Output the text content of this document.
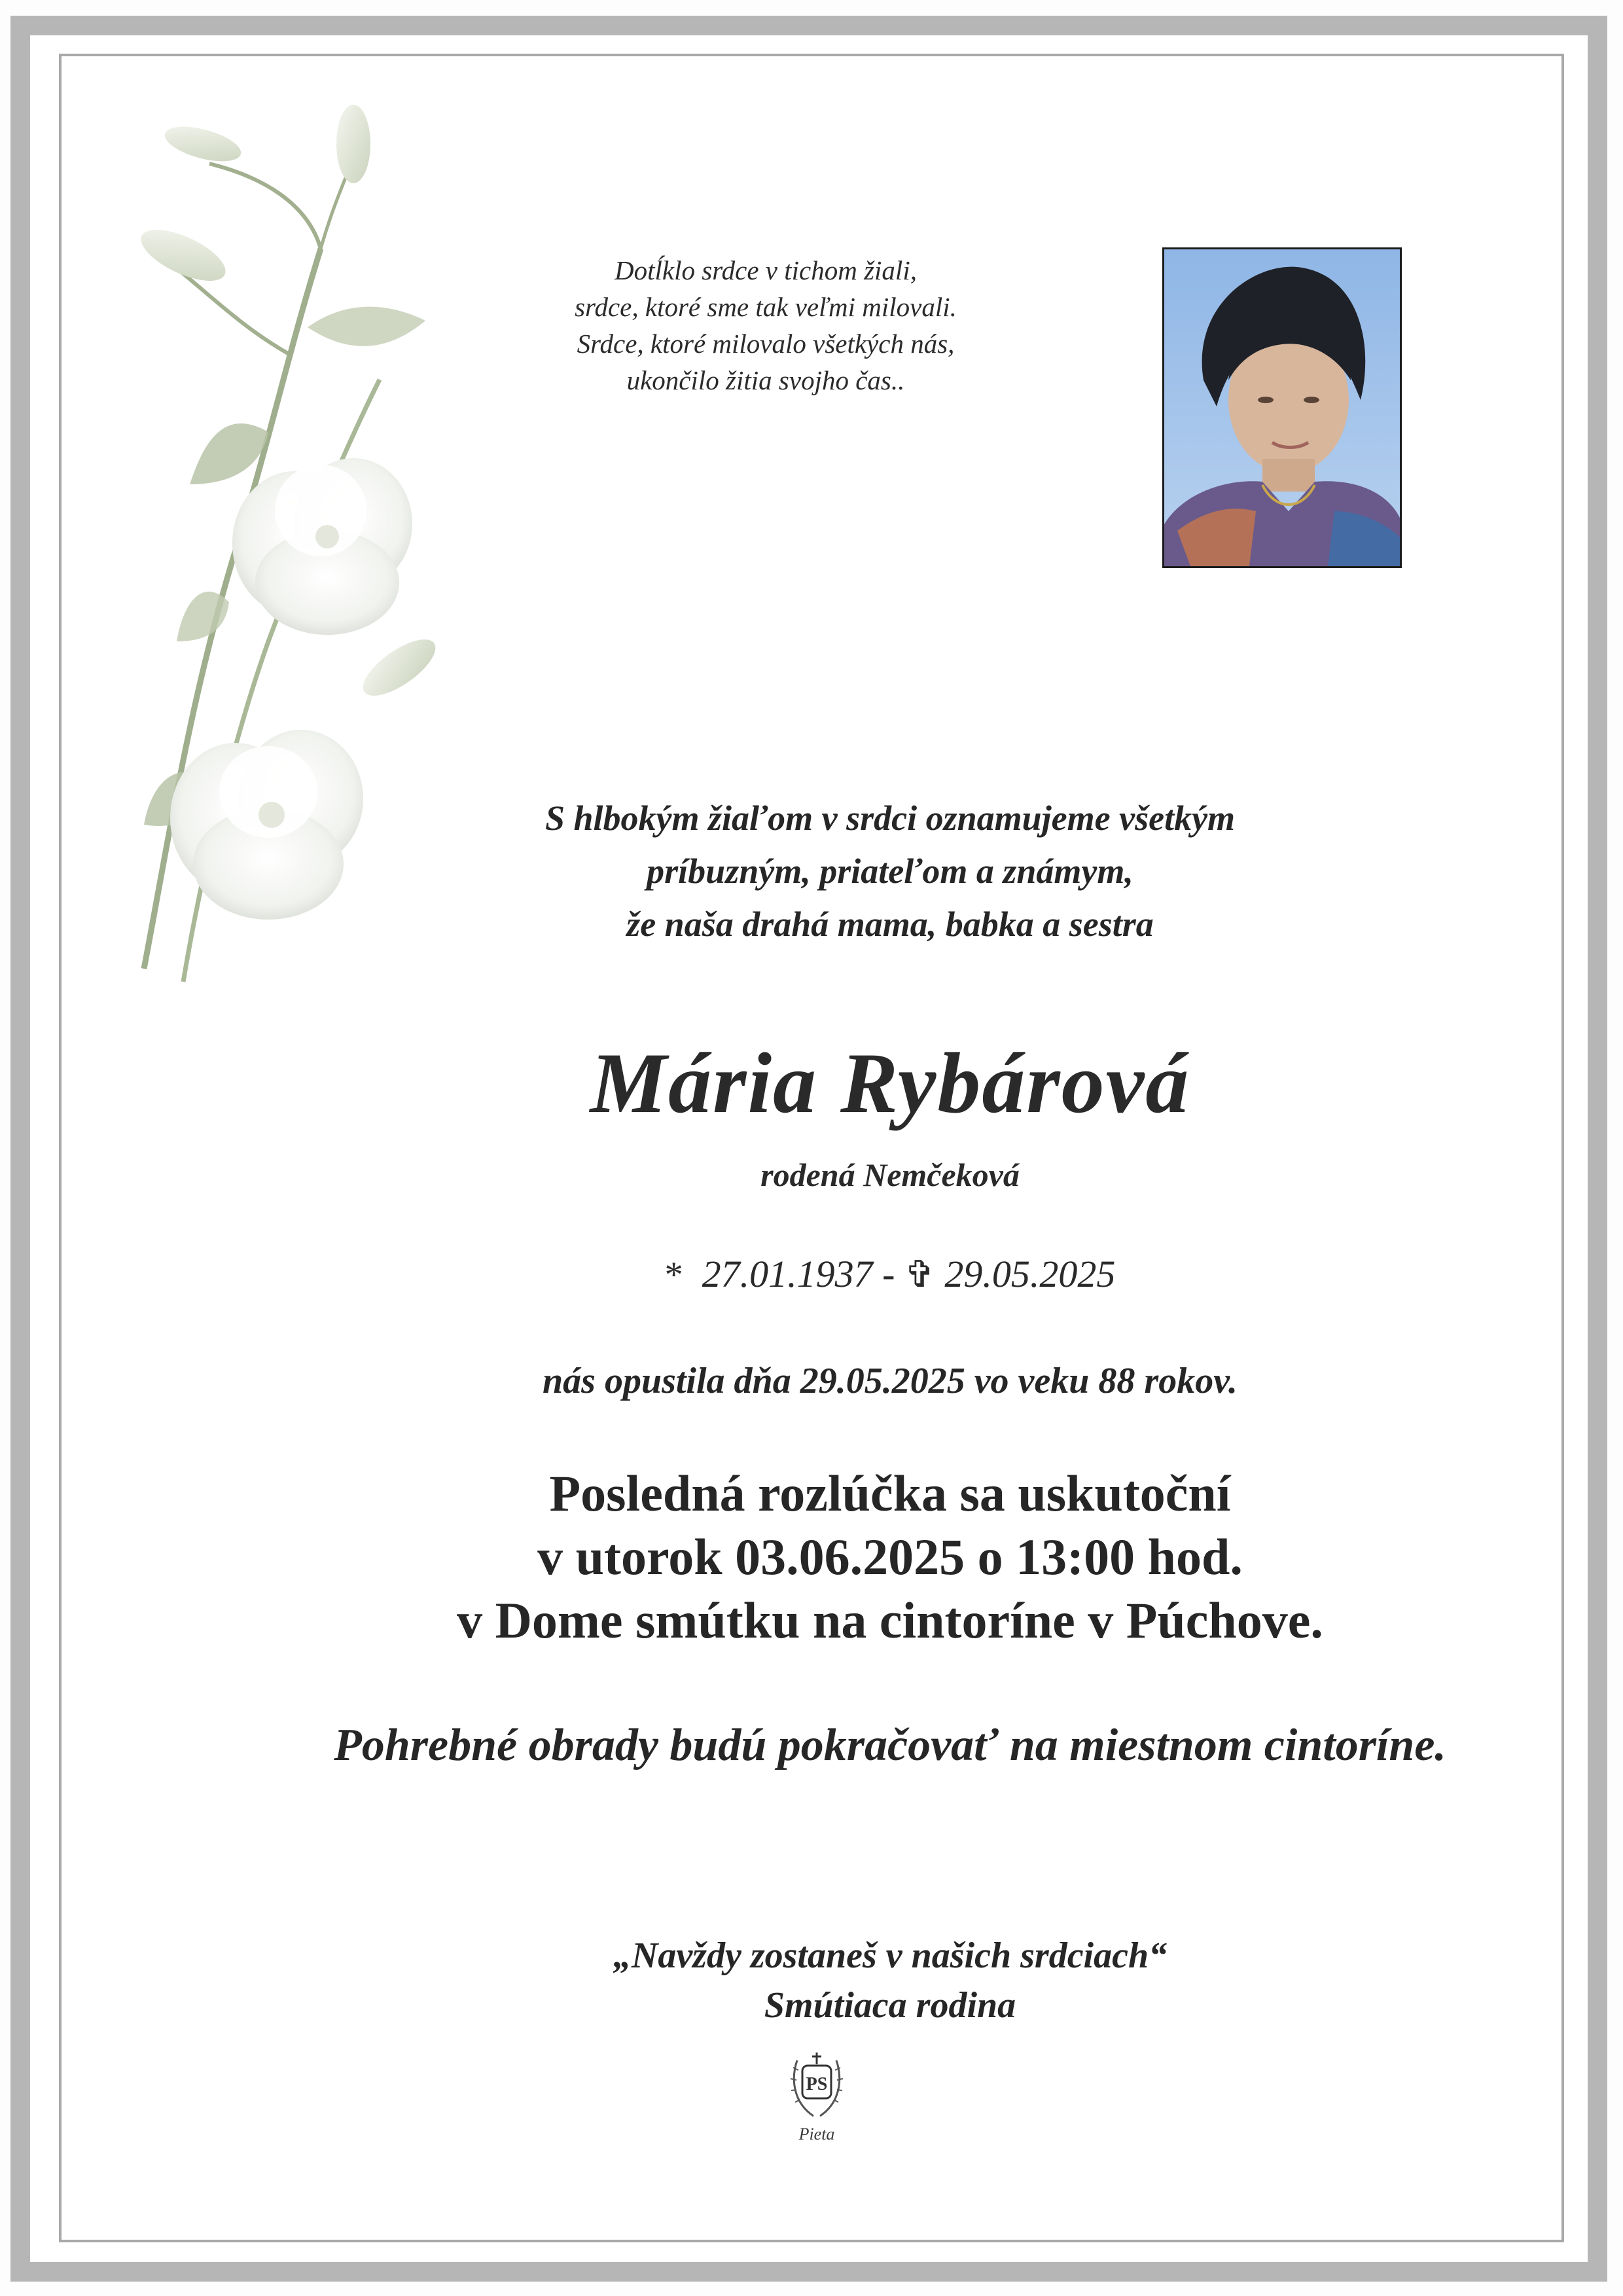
Dotĺklo srdce v tichom žiali,
srdce, ktoré sme tak veľmi milovali.
Srdce, ktoré milovalo všetkých nás,
ukončilo žitia svojho čas..
S hlbokým žiaľom v srdci oznamujeme všetkým
príbuzným, priateľom a známym,
že naša drahá mama, babka a sestra
Mária Rybárová
rodená Nemčeková
* 27.01.1937 - ✞ 29.05.2025
nás opustila dňa 29.05.2025 vo veku 88 rokov.
Posledná rozlúčka sa uskutoční
v utorok 03.06.2025 o 13:00 hod.
v Dome smútku na cintoríne v Púchove.
Pohrebné obrady budú pokračovať na miestnom cintoríne.
„Navždy zostaneš v našich srdciach“
Smútiaca rodina
PS
Pieta
